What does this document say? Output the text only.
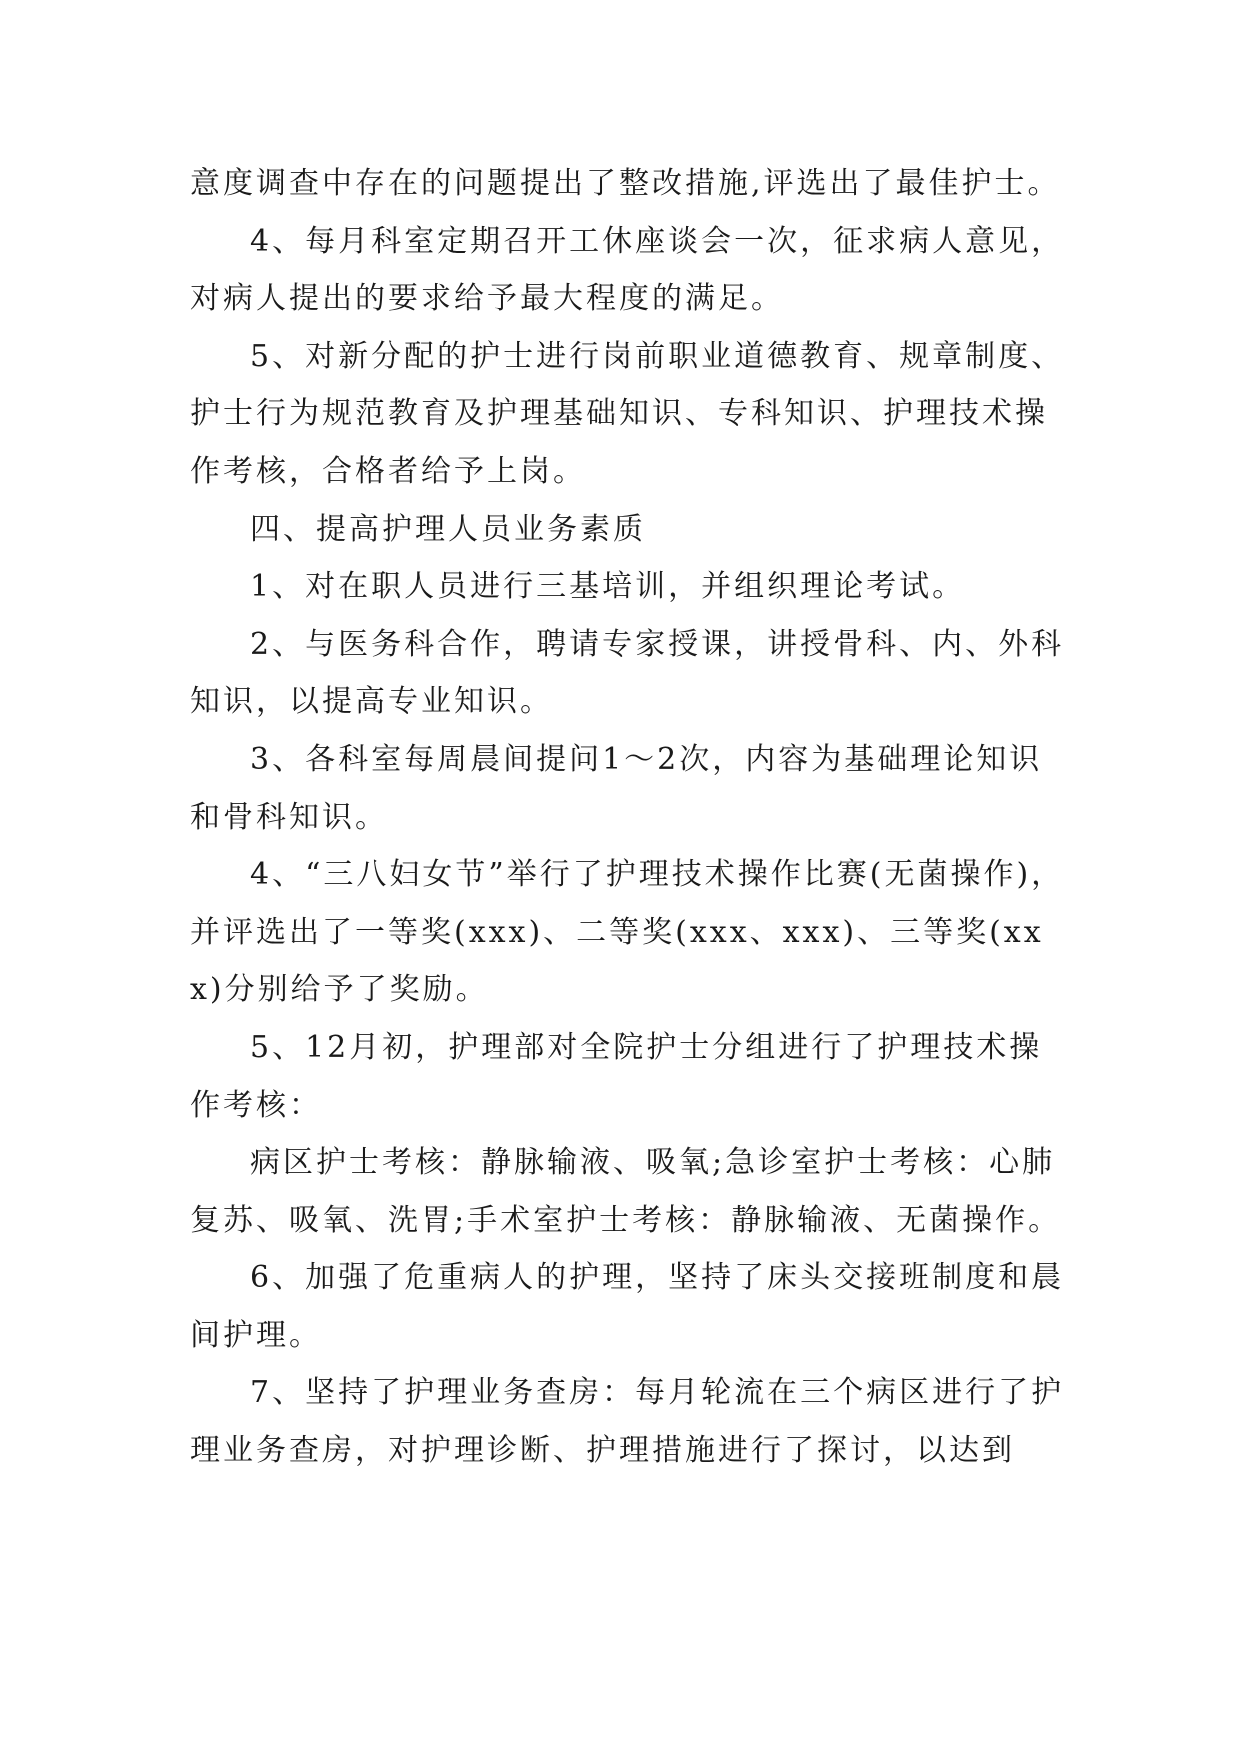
意度调查中存在的问题提出了整改措施,评选出了最佳护士。

4、每月科室定期召开工休座谈会一次，征求病人意见，对病人提出的要求给予最大程度的满足。

5、对新分配的护士进行岗前职业道德教育、规章制度、护士行为规范教育及护理基础知识、专科知识、护理技术操作考核，合格者给予上岗。

四、提高护理人员业务素质

1、对在职人员进行三基培训，并组织理论考试。

2、与医务科合作，聘请专家授课，讲授骨科、内、外科知识，以提高专业知识。

3、各科室每周晨间提问1～2次，内容为基础理论知识和骨科知识。

4、“三八妇女节”举行了护理技术操作比赛(无菌操作)，并评选出了一等奖(xxx)、二等奖(xxx、xxx)、三等奖(xxx)分别给予了奖励。

5、12月初，护理部对全院护士分组进行了护理技术操作考核：

病区护士考核：静脉输液、吸氧;急诊室护士考核：心肺复苏、吸氧、洗胃;手术室护士考核：静脉输液、无菌操作。

6、加强了危重病人的护理，坚持了床头交接班制度和晨间护理。

7、坚持了护理业务查房：每月轮流在三个病区进行了护理业务查房，对护理诊断、护理措施进行了探讨，以达到
